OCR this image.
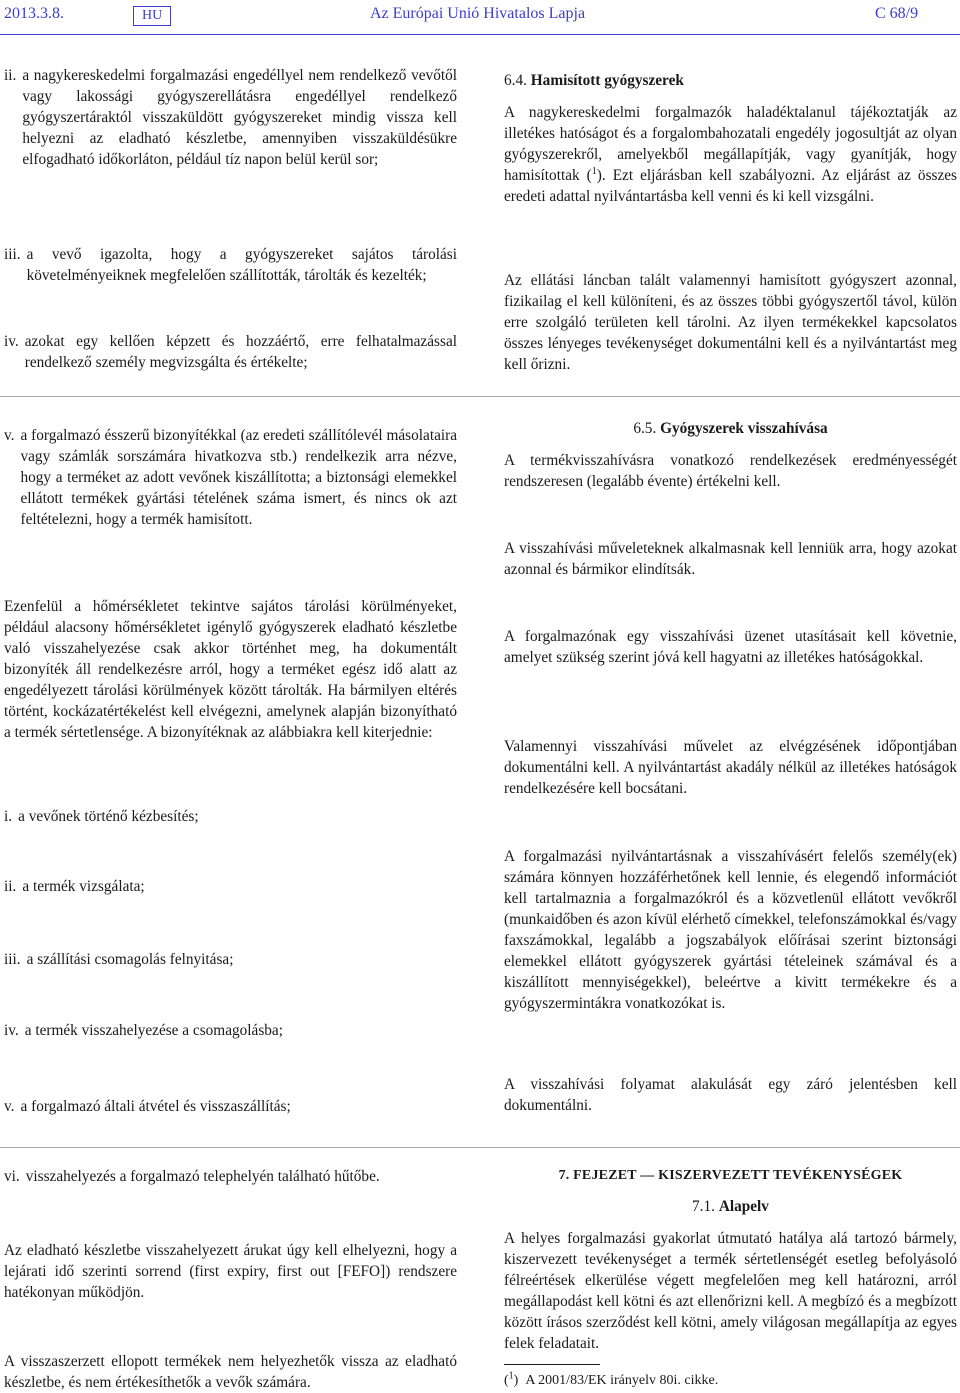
2013.3.8.	HU	Az Európai Unió Hivatalos Lapja	C 68/9
ii. a nagykereskedelmi forgalmazási engedéllyel nem rendelkező vevőtől vagy lakossági gyógyszerellátásra engedéllyel rendelkező gyógyszertáraktól visszaküldött gyógyszereket mindig vissza kell helyezni az eladható készletbe, amennyiben visszaküldésükre elfogadható időkorláton, például tíz napon belül kerül sor;
iii. a vevő igazolta, hogy a gyógyszereket sajátos tárolási követelményeiknek megfelelően szállították, tárolták és kezelték;
iv. azokat egy kellően képzett és hozzáértő, erre felhatalmazással rendelkező személy megvizsgálta és értékelte;
v. a forgalmazó ésszerű bizonyítékkal (az eredeti szállítólevél másolataira vagy számlák sorszámára hivatkozva stb.) rendelkezik arra nézve, hogy a terméket az adott vevőnek kiszállította; a biztonsági elemekkel ellátott termékek gyártási tételének száma ismert, és nincs ok azt feltételezni, hogy a termék hamisított.

Ezenfelül a hőmérsékletet tekintve sajátos tárolási körülményeket, például alacsony hőmérsékletet igénylő gyógyszerek eladható készletbe való visszahelyezése csak akkor történhet meg, ha dokumentált bizonyíték áll rendelkezésre arról, hogy a terméket egész idő alatt az engedélyezett tárolási körülmények között tárolták. Ha bármilyen eltérés történt, kockázatértékelést kell elvégezni, amelynek alapján bizonyítható a termék sértetlensége. A bizonyítéknak az alábbiakra kell kiterjednie:

i. a vevőnek történő kézbesítés;
ii. a termék vizsgálata;
iii. a szállítási csomagolás felnyitása;
iv. a termék visszahelyezése a csomagolásba;
v. a forgalmazó általi átvétel és visszaszállítás;
vi. visszahelyezés a forgalmazó telephelyén található hűtőbe.

Az eladható készletbe visszahelyezett árukat úgy kell elhelyezni, hogy a lejárati idő szerinti sorrend (first expiry, first out [FEFO]) rendszere hatékonyan működjön.

A visszaszerzett ellopott termékek nem helyezhetők vissza az eladható készletbe, és nem értékesíthetők a vevők számára.

6.4. Hamisított gyógyszerek

A nagykereskedelmi forgalmazók haladéktalanul tájékoztatják az illetékes hatóságot és a forgalombahozatali engedély jogosultját az olyan gyógyszerekről, amelyekből megállapítják, vagy gyanítják, hogy hamisítottak ($^1$). Ezt eljárásban kell szabályozni. Az eljárást az összes eredeti adattal nyilvántartásba kell venni és ki kell vizsgálni.

Az ellátási láncban talált valamennyi hamisított gyógyszert azonnal, fizikailag el kell különíteni, és az összes többi gyógyszertől távol, külön erre szolgáló területen kell tárolni. Az ilyen termékekkel kapcsolatos összes lényeges tevékenységet dokumentálni kell és a nyilvántartást meg kell őrizni.

6.5. Gyógyszerek visszahívása

A termékvisszahívásra vonatkozó rendelkezések eredményességét rendszeresen (legalább évente) értékelni kell.

A visszahívási műveleteknek alkalmasnak kell lenniük arra, hogy azokat azonnal és bármikor elindítsák.

A forgalmazónak egy visszahívási üzenet utasításait kell követnie, amelyet szükség szerint jóvá kell hagyatni az illetékes hatóságokkal.

Valamennyi visszahívási művelet az elvégzésének időpontjában dokumentálni kell. A nyilvántartást akadály nélkül az illetékes hatóságok rendelkezésére kell bocsátani.

A forgalmazási nyilvántartásnak a visszahívásért felelős személy(ek) számára könnyen hozzáférhetőnek kell lennie, és elegendő információt kell tartalmaznia a forgalmazókról és a közvetlenül ellátott vevőkről (munkaidőben és azon kívül elérhető címekkel, telefonszámokkal és/vagy faxszámokkal, legalább a jogszabályok előírásai szerint biztonsági elemekkel ellátott gyógyszerek gyártási tételeinek számával és a kiszállított mennyiségekkel), beleértve a kivitt termékekre és a gyógyszermintákra vonatkozókat is.

A visszahívási folyamat alakulását egy záró jelentésben kell dokumentálni.

7. FEJEZET — KISZERVEZETT TEVÉKENYSÉGEK
7.1. Alapelv

A helyes forgalmazási gyakorlat útmutató hatálya alá tartozó bármely, kiszervezett tevékenységet a termék sértetlenségét esetleg befolyásoló félreértések elkerülése végett megfelelően meg kell határozni, arról megállapodást kell kötni és azt ellenőrizni kell. A megbízó és a megbízott között írásos szerződést kell kötni, amely világosan megállapítja az egyes felek feladatait.

($^1$)  A 2001/83/EK irányelv 80i. cikke.
